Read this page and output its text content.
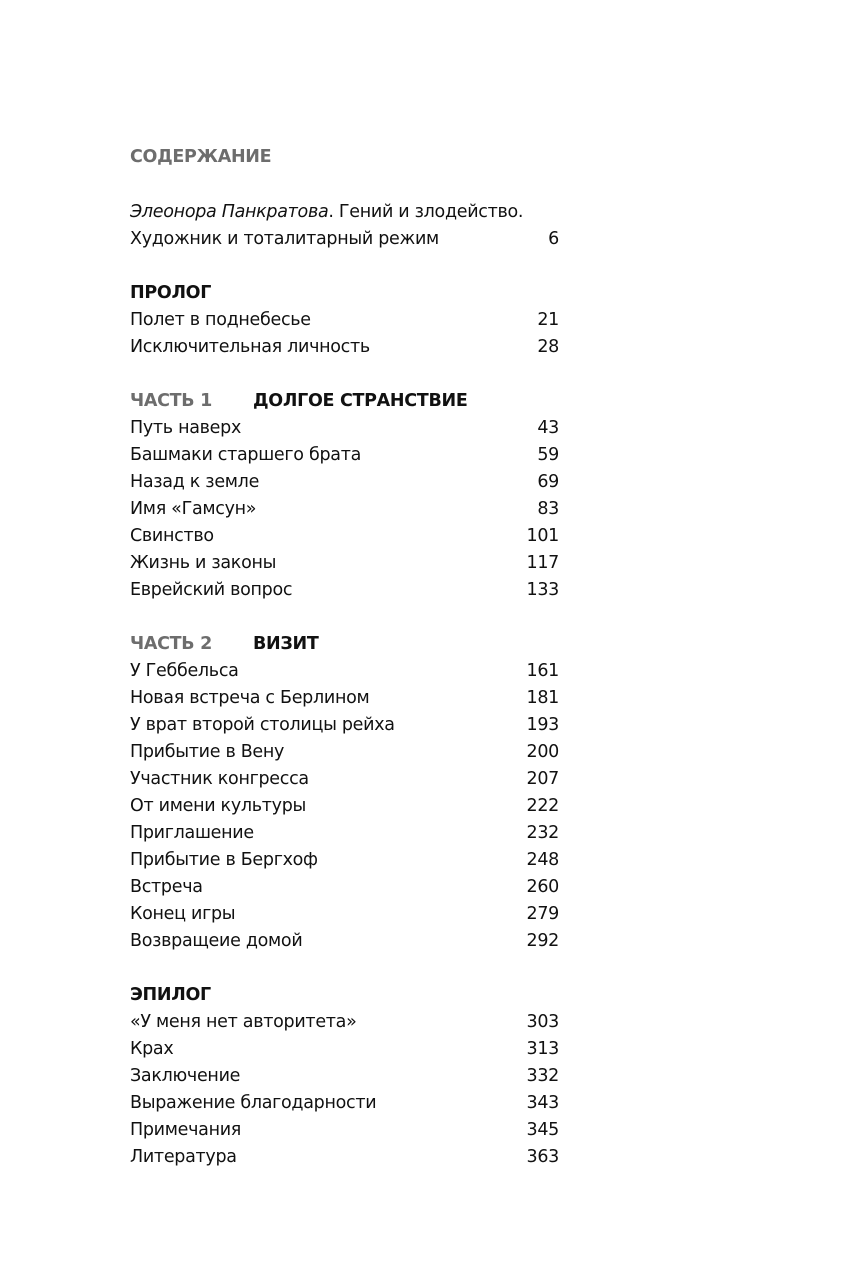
СОДЕРЖАНИЕ
Элеонора Панкратова. Гений и злодейство.
Художник и тоталитарный режим	6
ПРОЛОГ
Полет в поднебесье	21
Исключительная личность	28
ЧАСТЬ 1	ДОЛГОЕ СТРАНСТВИЕ
Путь наверх	43
Башмаки старшего брата	59
Назад к земле	69
Имя «Гамсун»	83
Свинство	101
Жизнь и законы	117
Еврейский вопрос	133
ЧАСТЬ 2	ВИЗИТ
У Геббельса	161
Новая встреча с Берлином	181
У врат второй столицы рейха	193
Прибытие в Вену	200
Участник конгресса	207
От имени культуры	222
Приглашение	232
Прибытие в Бергхоф	248
Встреча	260
Конец игры	279
Возвращеие домой	292
ЭПИЛОГ
«У меня нет авторитета»	303
Крах	313
Заключение	332
Выражение благодарности	343
Примечания	345
Литература	363
